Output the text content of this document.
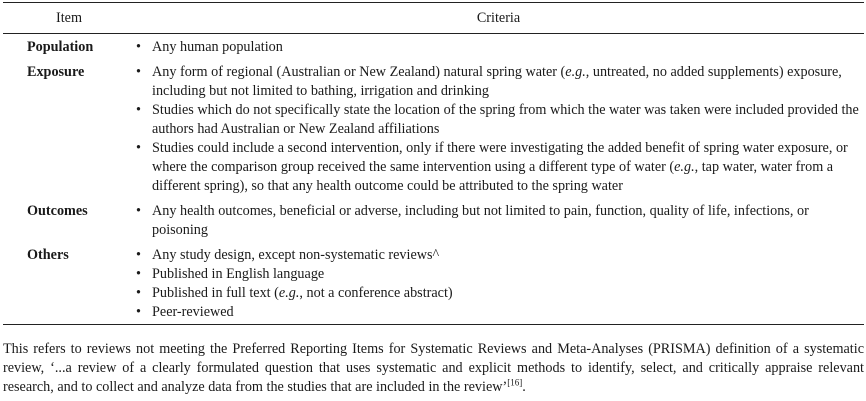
Item	Criteria
Population	• Any human population
Exposure	• Any form of regional (Australian or New Zealand) natural spring water (e.g., untreated, no added supplements) exposure, including but not limited to bathing, irrigation and drinking
• Studies which do not specifically state the location of the spring from which the water was taken were included provided the authors had Australian or New Zealand affiliations
• Studies could include a second intervention, only if there were investigating the added benefit of spring water exposure, or where the comparison group received the same intervention using a different type of water (e.g., tap water, water from a different spring), so that any health outcome could be attributed to the spring water
Outcomes	• Any health outcomes, beneficial or adverse, including but not limited to pain, function, quality of life, infections, or poisoning
Others	• Any study design, except non-systematic reviews^
• Published in English language
• Published in full text (e.g., not a conference abstract)
• Peer-reviewed
This refers to reviews not meeting the Preferred Reporting Items for Systematic Reviews and Meta-Analyses (PRISMA) definition of a systematic review, ‘...a review of a clearly formulated question that uses systematic and explicit methods to identify, select, and critically appraise relevant research, and to collect and analyze data from the studies that are included in the review’[16].
